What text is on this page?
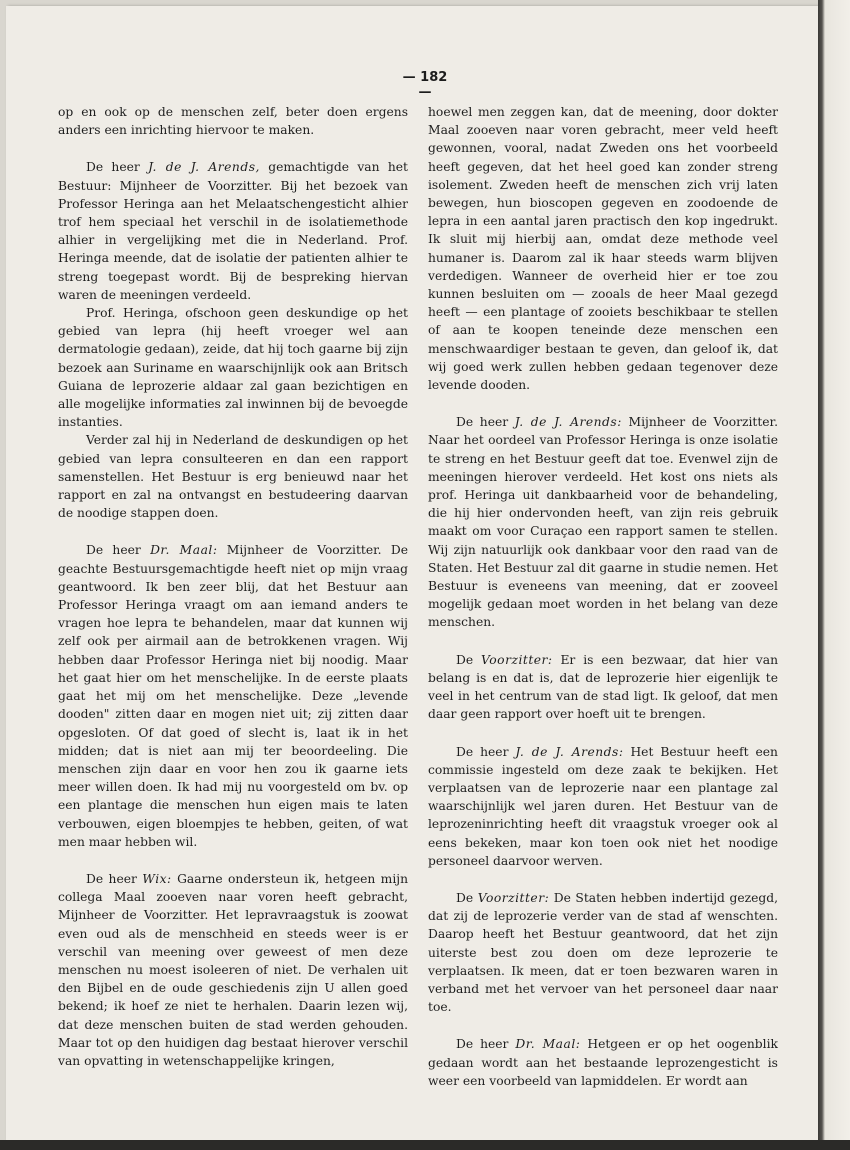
— 182 —

op en ook op de menschen zelf, beter doen ergens anders een inrichting hiervoor te maken.

De heer J. de J. Arends, gemachtigde van het Bestuur: Mijnheer de Voorzitter. Bij het bezoek van Professor Heringa aan het Melaatschengesticht alhier trof hem speciaal het verschil in de isolatiemethode alhier in vergelijking met die in Nederland. Prof. Heringa meende, dat de isolatie der patienten alhier te streng toegepast wordt. Bij de bespreking hiervan waren de meeningen verdeeld.

Prof. Heringa, ofschoon geen deskundige op het gebied van lepra (hij heeft vroeger wel aan dermatologie gedaan), zeide, dat hij toch gaarne bij zijn bezoek aan Suriname en waarschijnlijk ook aan Britsch Guiana de leprozerie aldaar zal gaan bezichtigen en alle mogelijke informaties zal inwinnen bij de bevoegde instanties.

Verder zal hij in Nederland de deskundigen op het gebied van lepra consulteeren en dan een rapport samenstellen. Het Bestuur is erg benieuwd naar het rapport en zal na ontvangst en bestudeering daarvan de noodige stappen doen.

De heer Dr. Maal: Mijnheer de Voorzitter. De geachte Bestuursgemachtigde heeft niet op mijn vraag geantwoord. Ik ben zeer blij, dat het Bestuur aan Professor Heringa vraagt om aan iemand anders te vragen hoe lepra te behandelen, maar dat kunnen wij zelf ook per airmail aan de betrokkenen vragen. Wij hebben daar Professor Heringa niet bij noodig. Maar het gaat hier om het menschelijke. In de eerste plaats gaat het mij om het menschelijke. Deze „levende dooden" zitten daar en mogen niet uit; zij zitten daar opgesloten. Of dat goed of slecht is, laat ik in het midden; dat is niet aan mij ter beoordeeling. Die menschen zijn daar en voor hen zou ik gaarne iets meer willen doen. Ik had mij nu voorgesteld om bv. op een plantage die menschen hun eigen mais te laten verbouwen, eigen bloempjes te hebben, geiten, of wat men maar hebben wil.

De heer Wix: Gaarne ondersteun ik, hetgeen mijn collega Maal zooeven naar voren heeft gebracht, Mijnheer de Voorzitter. Het lepravraagstuk is zoowat even oud als de menschheid en steeds weer is er verschil van meening over geweest of men deze menschen nu moest isoleeren of niet. De verhalen uit den Bijbel en de oude geschiedenis zijn U allen goed bekend; ik hoef ze niet te herhalen. Daarin lezen wij, dat deze menschen buiten de stad werden gehouden. Maar tot op den huidigen dag bestaat hierover verschil van opvatting in wetenschappelijke kringen,

hoewel men zeggen kan, dat de meening, door dokter Maal zooeven naar voren gebracht, meer veld heeft gewonnen, vooral, nadat Zweden ons het voorbeeld heeft gegeven, dat het heel goed kan zonder streng isolement. Zweden heeft de menschen zich vrij laten bewegen, hun bioscopen gegeven en zoodoende de lepra in een aantal jaren practisch den kop ingedrukt. Ik sluit mij hierbij aan, omdat deze methode veel humaner is. Daarom zal ik haar steeds warm blijven verdedigen. Wanneer de overheid hier er toe zou kunnen besluiten om — zooals de heer Maal gezegd heeft — een plantage of zooiets beschikbaar te stellen of aan te koopen teneinde deze menschen een menschwaardiger bestaan te geven, dan geloof ik, dat wij goed werk zullen hebben gedaan tegenover deze levende dooden.

De heer J. de J. Arends: Mijnheer de Voorzitter. Naar het oordeel van Professor Heringa is onze isolatie te streng en het Bestuur geeft dat toe. Evenwel zijn de meeningen hierover verdeeld. Het kost ons niets als prof. Heringa uit dankbaarheid voor de behandeling, die hij hier ondervonden heeft, van zijn reis gebruik maakt om voor Curaçao een rapport samen te stellen. Wij zijn natuurlijk ook dankbaar voor den raad van de Staten. Het Bestuur zal dit gaarne in studie nemen. Het Bestuur is eveneens van meening, dat er zooveel mogelijk gedaan moet worden in het belang van deze menschen.

De Voorzitter: Er is een bezwaar, dat hier van belang is en dat is, dat de leprozerie hier eigenlijk te veel in het centrum van de stad ligt. Ik geloof, dat men daar geen rapport over hoeft uit te brengen.

De heer J. de J. Arends: Het Bestuur heeft een commissie ingesteld om deze zaak te bekijken. Het verplaatsen van de leprozerie naar een plantage zal waarschijnlijk wel jaren duren. Het Bestuur van de leprozeninrichting heeft dit vraagstuk vroeger ook al eens bekeken, maar kon toen ook niet het noodige personeel daarvoor werven.

De Voorzitter: De Staten hebben indertijd gezegd, dat zij de leprozerie verder van de stad af wenschten. Daarop heeft het Bestuur geantwoord, dat het zijn uiterste best zou doen om deze leprozerie te verplaatsen. Ik meen, dat er toen bezwaren waren in verband met het vervoer van het personeel daar naar toe.

De heer Dr. Maal: Hetgeen er op het oogenblik gedaan wordt aan het bestaande leprozengesticht is weer een voorbeeld van lapmiddelen. Er wordt aan
